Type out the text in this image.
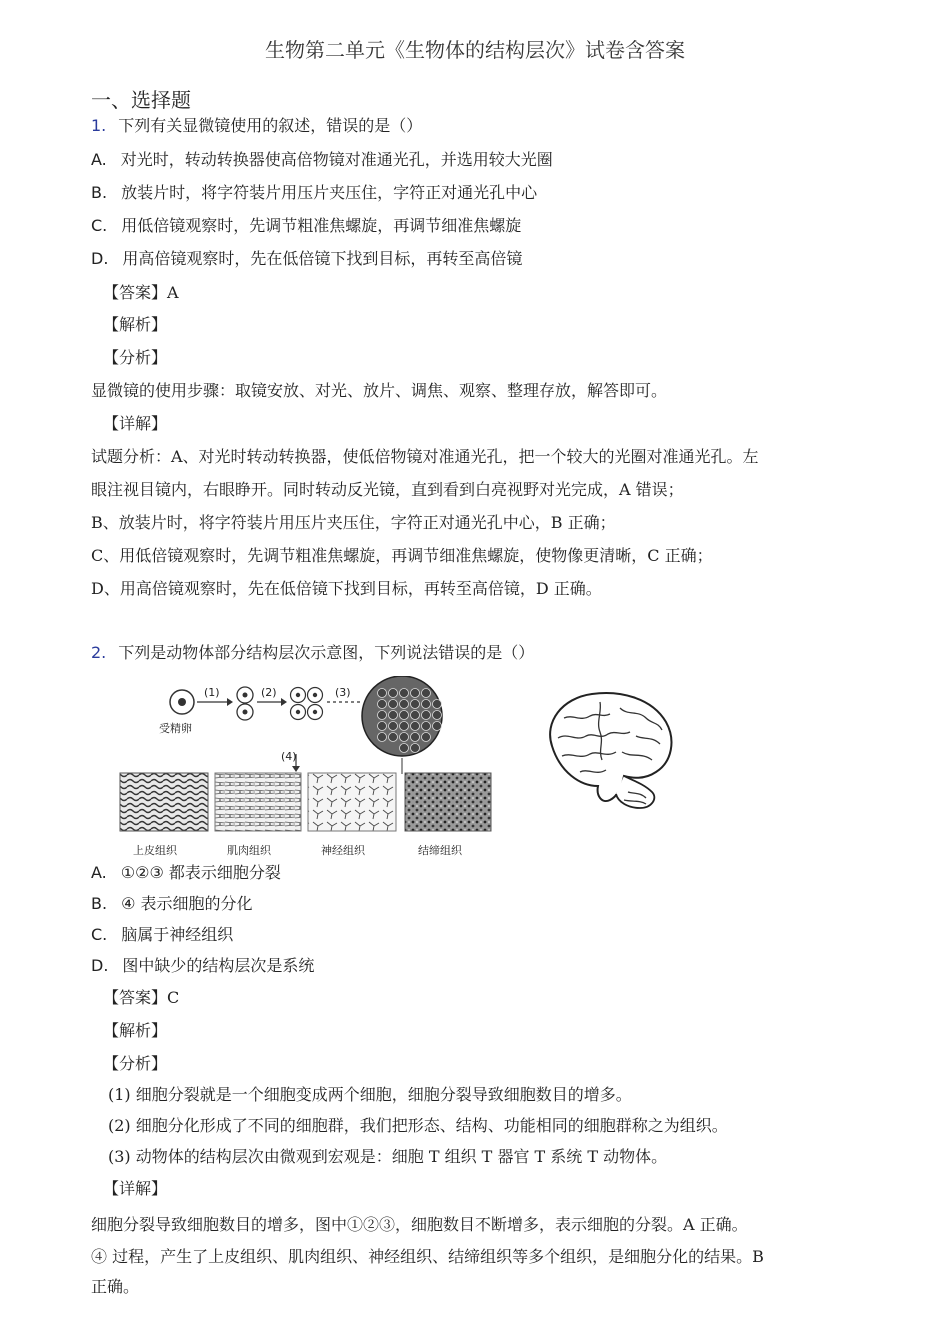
生物第二单元《生物体的结构层次》试卷含答案
一、选择题
1. 下列有关显微镜使用的叙述，错误的是（）
A. 对光时，转动转换器使高倍物镜对准通光孔，并选用较大光圈
B. 放装片时，将字符装片用压片夹压住，字符正对通光孔中心
C. 用低倍镜观察时，先调节粗准焦螺旋，再调节细准焦螺旋
D. 用高倍镜观察时，先在低倍镜下找到目标，再转至高倍镜
【答案】A
【解析】
【分析】
显微镜的使用步骤：取镜安放、对光、放片、调焦、观察、整理存放，解答即可。
【详解】
试题分析：A、对光时转动转换器，使低倍物镜对准通光孔，把一个较大的光圈对准通光孔。左
眼注视目镜内，右眼睁开。同时转动反光镜，直到看到白亮视野对光完成，A 错误；
B、放装片时，将字符装片用压片夹压住，字符正对通光孔中心，B 正确；
C、用低倍镜观察时，先调节粗准焦螺旋，再调节细准焦螺旋，使物像更清晰，C 正确；
D、用高倍镜观察时，先在低倍镜下找到目标，再转至高倍镜，D 正确。
2. 下列是动物体部分结构层次示意图，下列说法错误的是（）
受精卵
(1)	(2)	(3)
(4)
上皮组织	肌肉组织	神经组织	结缔组织
A. ①②③ 都表示细胞分裂
B. ④ 表示细胞的分化
C. 脑属于神经组织
D. 图中缺少的结构层次是系统
【答案】C
【解析】
【分析】
(1) 细胞分裂就是一个细胞变成两个细胞，细胞分裂导致细胞数目的增多。
(2) 细胞分化形成了不同的细胞群，我们把形态、结构、功能相同的细胞群称之为组织。
(3) 动物体的结构层次由微观到宏观是：细胞 T 组织 T 器官 T 系统 T 动物体。
【详解】
细胞分裂导致细胞数目的增多，图中①②③，细胞数目不断增多，表示细胞的分裂。A 正确。
④ 过程，产生了上皮组织、肌肉组织、神经组织、结缔组织等多个组织，是细胞分化的结果。B
正确。
